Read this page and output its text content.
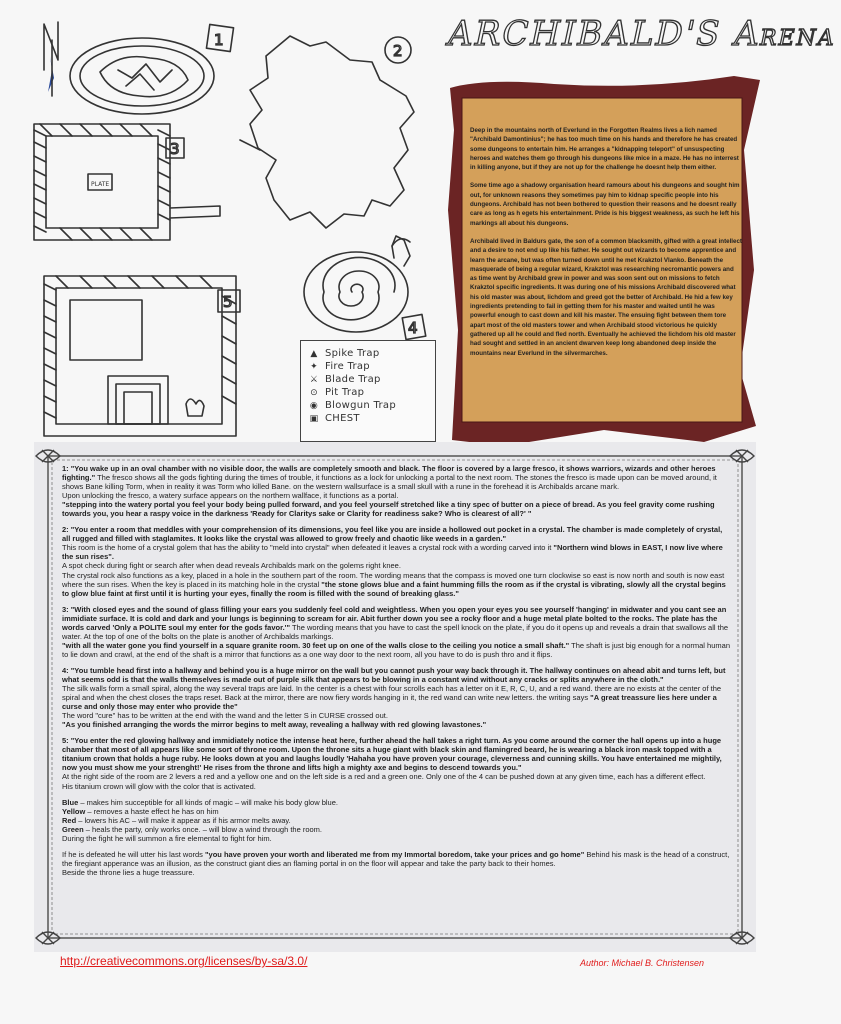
1
2
PLATE
3
4
5
ARCHIBALD'S ARENA

Deep in the mountains north of Everlund in the Forgotten Realms lives a lich named "Archibald Damontinius"; he has too much time on his hands and therefore he has created some dungeons to entertain him. He arranges a "kidnapping teleport" of unsuspecting heroes and watches them go through his dungeons like mice in a maze. He has no interrest in killing anyone, but if they are not up for the challenge he doesnt help them either.

Some time ago a shadowy organisation heard ramours about his dungeons and sought him out, for unknown reasons they sometimes pay him to kidnap specific people into his dungeons. Archibald has not been bothered to question their reasons and he doesnt really care as long as h egets his entertainment. Pride is his biggest weakness, as such he left his markings all about his dungeons.

Archibald lived in Baldurs gate, the son of a common blacksmith, gifted with a great intellect and a desire to not end up like his father. He sought out wizards to become apprentice and learn the arcane, but was often turned down until he met Krakztol Vlanko. Beneath the masquerade of being a regular wizard, Krakztol was researching necromantic powers and as time went by Archibald grew in power and was soon sent out on missions to fetch Krakztol specific ingredients. It was during one of his missions Archibald discovered what his old master was about, lichdom and greed got the better of Archibald. He hid a few key ingredients pretending to fail in getting them for his master and waited until he was powerful enough to cast down and kill his master. The ensuing fight between them tore apart most of the old masters tower and when Archibald stood victorious he quickly gathered up all he could and fled north. Eventually he achieved the lichdom his old master had sought and settled in an ancient dwarven keep long abandoned deep inside the mountains near Everlund in the silvermarches.

▲ Spike Trap
✦ Fire Trap
⚔ Blade Trap
⊙ Pit Trap
◉ Blowgun Trap
▣ CHEST

1: "You wake up in an oval chamber with no visible door, the walls are completely smooth and black. The floor is covered by a large fresco, it shows warriors, wizards and other heroes fighting." The fresco shows all the gods fighting during the times of trouble, it functions as a lock for unlocking a portal to the next room. The stones the fresco is made upon can be moved around, it shows Bane killing Torm, when in reality it was Torm who killed Bane. on the western wallsurface is a small skull with a rune in the forehead it is Archibalds arcane mark.
Upon unlocking the fresco, a watery surface appears on the northern wallface, it functions as a portal.
"stepping into the watery portal you feel your body being pulled forward, and you feel yourself stretched like a tiny spec of butter on a piece of bread. As you feel gravity come rushing towards you, you hear a raspy voice in the darkness 'Ready for Claritys sake or Clarity for readiness sake? Who is clearest of all?' "

2: "You enter a room that meddles with your comprehension of its dimensions, you feel like you are inside a hollowed out pocket in a crystal. The chamber is made completely of crystal, all rugged and filled with staglamites. It looks like the crystal was allowed to grow freely and chaotic like weeds in a garden."
This room is the home of a crystal golem that has the ability to "meld into crystal" when defeated it leaves a crystal rock with a wording carved into it "Northern wind blows in EAST, I now live where the sun rises".
A spot check during fight or search after when dead reveals Archibalds mark on the golems right knee.
The crystal rock also functions as a key, placed in a hole in the southern part of the room. The wording means that the compass is moved one turn clockwise so east is now north and south is now east where the sun rises. When the key is placed in its matching hole in the crystal "the stone glows blue and a faint humming fills the room as if the crystal is vibrating, slowly all the crystal begins to glow blue faint at first until it is hurting your eyes, finally the room is filled with the sound of breaking glass."

3: "With closed eyes and the sound of glass filling your ears you suddenly feel cold and weightless. When you open your eyes you see yourself 'hanging' in midwater and you cant see an immidiate surface. It is cold and dark and your lungs is beginning to scream for air. Abit further down you see a rocky floor and a huge metal plate bolted to the rocks. The plate has the words carved 'Only a POLITE soul my enter for the gods favor.'" The wording means that you have to cast the spell knock on the plate, if you do it opens up and reveals a drain that swallows all the water. At the top of one of the bolts on the plate is another of Archibalds markings.
"with all the water gone you find yourself in a square granite room. 30 feet up on one of the walls close to the ceiling you notice a small shaft." The shaft is just big enough for a normal human to lie down and crawl, at the end of the shaft is a mirror that functions as a one way door to the next room, all you have to do is push thro and it flips.

4: "You tumble head first into a hallway and behind you is a huge mirror on the wall but you cannot push your way back through it. The hallway continues on ahead abit and turns left, but what seems odd is that the walls themselves is made out of purple silk that appears to be blowing in a constant wind without any cracks or splits anywhere in the cloth."
The silk walls form a small spiral, along the way several traps are laid. In the center is a chest with four scrolls each has a letter on it E, R, C, U, and a red wand. there are no exists at the center of the spiral and when the chest closes the traps reset. Back at the mirror, there are now fiery words hanging in it, the red wand can write new letters. the writing says "A great treassure lies here under a curse and only those may enter who provide the"
The word "cure" has to be written at the end with the wand and the letter S in CURSE crossed out.
"As you finished arranging the words the mirror begins to melt away, revealing a hallway with red glowing lavastones."

5: "You enter the red glowing hallway and immidiately notice the intense heat here, further ahead the hall takes a right turn. As you come around the corner the hall opens up into a huge chamber that most of all appears like some sort of throne room. Upon the throne sits a huge giant with black skin and flamingred beard, he is wearing a black iron mask topped with a titanium crown that holds a huge ruby. He looks down at you and laughs loudly 'Hahaha you have proven your courage, cleverness and cunning skills. You have entertained me mightily, now you must show me your strenght!' He rises from the throne and lifts high a mighty axe and begins to descend towards you."
At the right side of the room are 2 levers a red and a yellow one and on the left side is a red and a green one. Only one of the 4 can be pushed down at any given time, each has a different effect.
His titanium crown will glow with the color that is activated.

Blue – makes him succeptible for all kinds of magic – will make his body glow blue.
Yellow – removes a haste effect he has on him
Red – lowers his AC – will make it appear as if his armor melts away.
Green – heals the party, only works once. – will blow a wind through the room.
During the fight he will summon a fire elemental to fight for him.

If he is defeated he will utter his last words "you have proven your worth and liberated me from my Immortal boredom, take your prices and go home" Behind his mask is the head of a construct, the firegiant apperance was an illusion, as the construct giant dies an flaming portal in on the floor will appear and take the party back to their homes.
Beside the throne lies a huge treassure.

http://creativecommons.org/licenses/by-sa/3.0/	Author: Michael B. Christensen
